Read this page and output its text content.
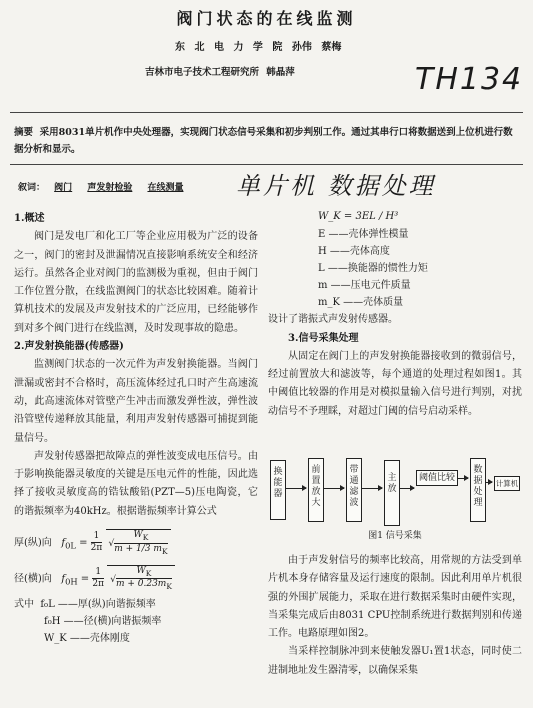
阀门状态的在线监测
东 北 电 力 学 院 孙伟 蔡梅
吉林市电子技术工程研究所 韩晶萍	TH134
摘要 采用8031单片机作中央处理器，实现阀门状态信号采集和初步判别工作。通过其串行口将数据送到上位机进行数据分析和显示。
叙词： 阀门 声发射检验 在线测量 单片机 数据处理
1.概述

阀门是发电厂和化工厂等企业应用极为广泛的设备之一，阀门的密封及泄漏情况直接影响系统安全和经济运行。虽然各企业对阀门的监测极为重视，但由于阀门工作位置分散，在线监测阀门的状态比较困难。随着计算机技术的发展及声发射技术的广泛应用，已经能够作到对多个阀门进行在线监测，及时发现事故的隐患。

2.声发射换能器(传感器)

监测阀门状态的一次元件为声发射换能器。当阀门泄漏或密封不合格时，高压流体经过孔口时产生高速流动，此高速流体对管壁产生冲击而激发弹性波，弹性波沿管壁传递释放其能量，利用声发射传感器可捕捉到能量信号。

声发射传感器把故障点的弹性波变成电压信号。由于影响换能器灵敏度的关键是压电元件的性能，因此选择了接收灵敏度高的锆钛酸铅(PZT—5)压电陶瓷，它的谐振频率为40kHz。根据谐振频率计算公式

厚(纵)向 $f_{0L} = \frac{1}{2\pi}$ √ $\frac{W_K}{m + 1/3 m_K}$
径(横)向 $f_{0H} = \frac{1}{2\pi}$ √ $\frac{W_K}{m + 0.23m_K}$
式中 f₀L ——厚(纵)向谐振频率
f₀H ——径(横)向谐振频率
W_K ——壳体刚度
W_K = 3EL / H³
E ——壳体弹性模量
H ——壳体高度
L ——换能器的惯性力矩
m ——压电元件质量
m_K ——壳体质量
设计了谐振式声发射传感器。
3.信号采集处理

从固定在阀门上的声发射换能器接收到的微弱信号，经过前置放大和滤波等，每个通道的处理过程如图1。其中阈值比较器的作用是对模拟量输入信号进行判别，对扰动信号不予理睬，对超过门阈的信号启动采样。

换能器
前置放大
带通滤波
主放
阈值比较
数据处理
计算机
图1 信号采集

由于声发射信号的频率比较高，用常规的方法受到单片机本身存储容量及运行速度的限制。因此利用单片机很强的外围扩展能力，采取在进行数据采集时由硬件实现，当采集完成后由8031 CPU控制系统进行数据判别和传递工作。电路原理如图2。

当采样控制脉冲到来使触发器U₁置1状态，同时使二进制地址发生器清零，以确保采集
